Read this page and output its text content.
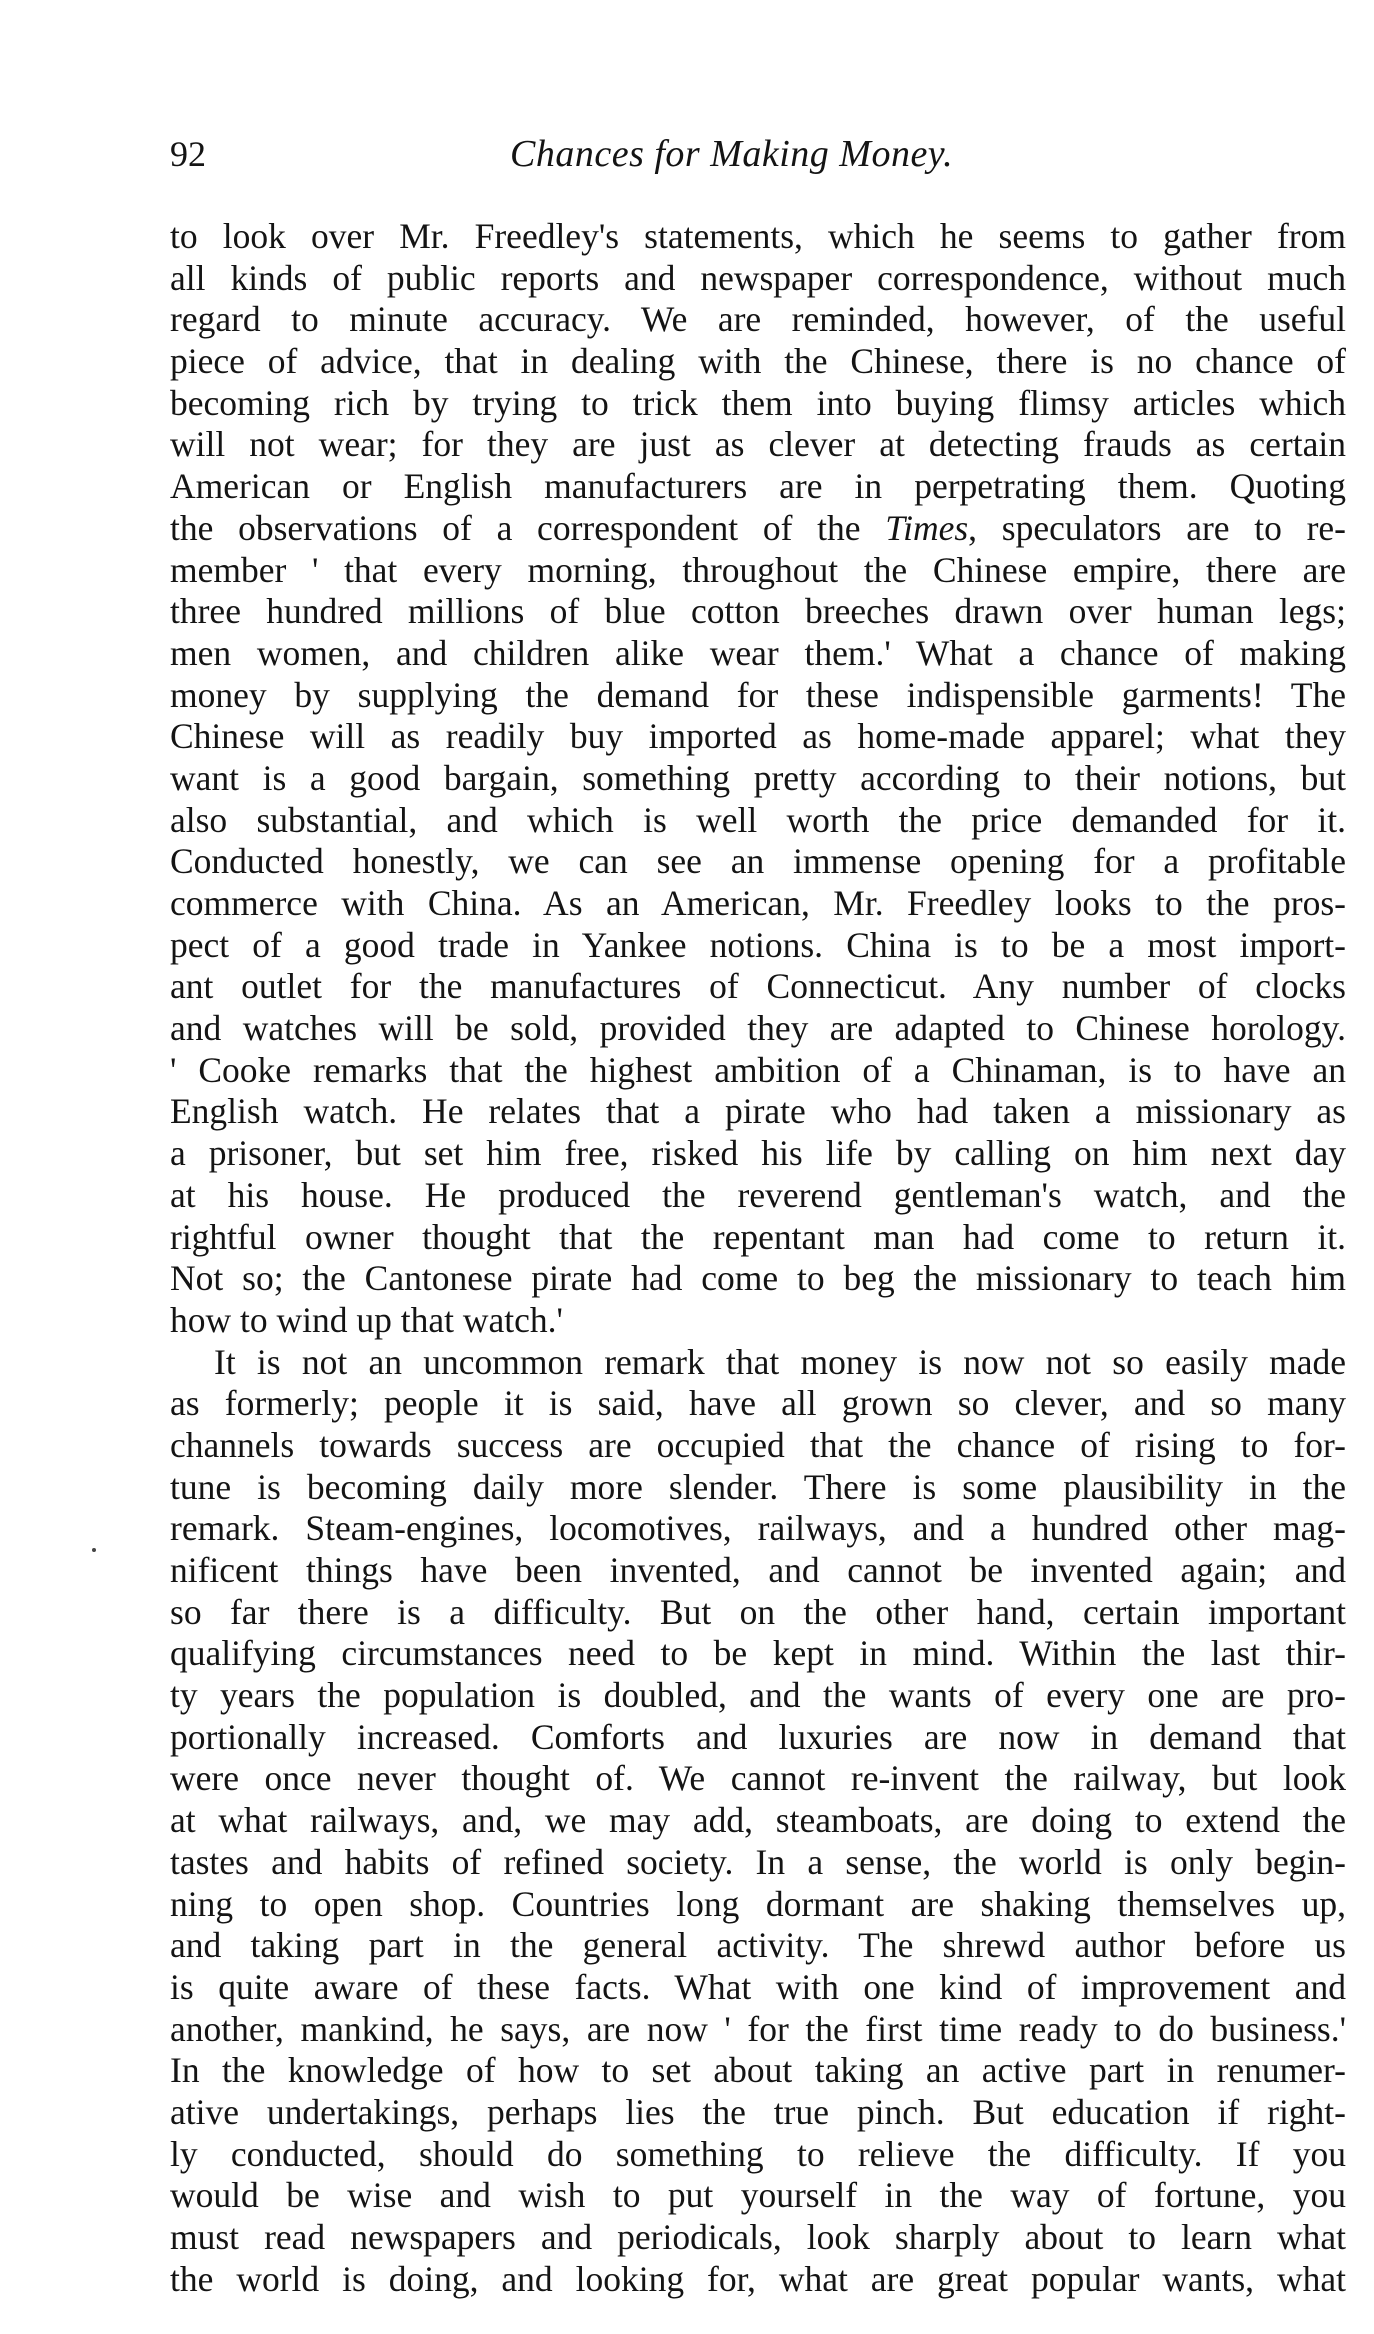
92	Chances for Making Money.
to look over Mr. Freedley's statements, which he seems to gather from
all kinds of public reports and newspaper correspondence, without much
regard to minute accuracy. We are reminded, however, of the useful
piece of advice, that in dealing with the Chinese, there is no chance of
becoming rich by trying to trick them into buying flimsy articles which
will not wear; for they are just as clever at detecting frauds as certain
American or English manufacturers are in perpetrating them. Quoting
the observations of a correspondent of the Times, speculators are to re-
member ' that every morning, throughout the Chinese empire, there are
three hundred millions of blue cotton breeches drawn over human legs;
men women, and children alike wear them.' What a chance of making
money by supplying the demand for these indispensible garments! The
Chinese will as readily buy imported as home-made apparel; what they
want is a good bargain, something pretty according to their notions, but
also substantial, and which is well worth the price demanded for it.
Conducted honestly, we can see an immense opening for a profitable
commerce with China. As an American, Mr. Freedley looks to the pros-
pect of a good trade in Yankee notions. China is to be a most import-
ant outlet for the manufactures of Connecticut. Any number of clocks
and watches will be sold, provided they are adapted to Chinese horology.
' Cooke remarks that the highest ambition of a Chinaman, is to have an
English watch. He relates that a pirate who had taken a missionary as
a prisoner, but set him free, risked his life by calling on him next day
at his house. He produced the reverend gentleman's watch, and the
rightful owner thought that the repentant man had come to return it.
Not so; the Cantonese pirate had come to beg the missionary to teach him
how to wind up that watch.'
It is not an uncommon remark that money is now not so easily made
as formerly; people it is said, have all grown so clever, and so many
channels towards success are occupied that the chance of rising to for-
tune is becoming daily more slender. There is some plausibility in the
remark. Steam-engines, locomotives, railways, and a hundred other mag-
nificent things have been invented, and cannot be invented again; and
so far there is a difficulty. But on the other hand, certain important
qualifying circumstances need to be kept in mind. Within the last thir-
ty years the population is doubled, and the wants of every one are pro-
portionally increased. Comforts and luxuries are now in demand that
were once never thought of. We cannot re-invent the railway, but look
at what railways, and, we may add, steamboats, are doing to extend the
tastes and habits of refined society. In a sense, the world is only begin-
ning to open shop. Countries long dormant are shaking themselves up,
and taking part in the general activity. The shrewd author before us
is quite aware of these facts. What with one kind of improvement and
another, mankind, he says, are now ' for the first time ready to do business.'
In the knowledge of how to set about taking an active part in renumer-
ative undertakings, perhaps lies the true pinch. But education if right-
ly conducted, should do something to relieve the difficulty. If you
would be wise and wish to put yourself in the way of fortune, you
must read newspapers and periodicals, look sharply about to learn what
the world is doing, and looking for, what are great popular wants, what
